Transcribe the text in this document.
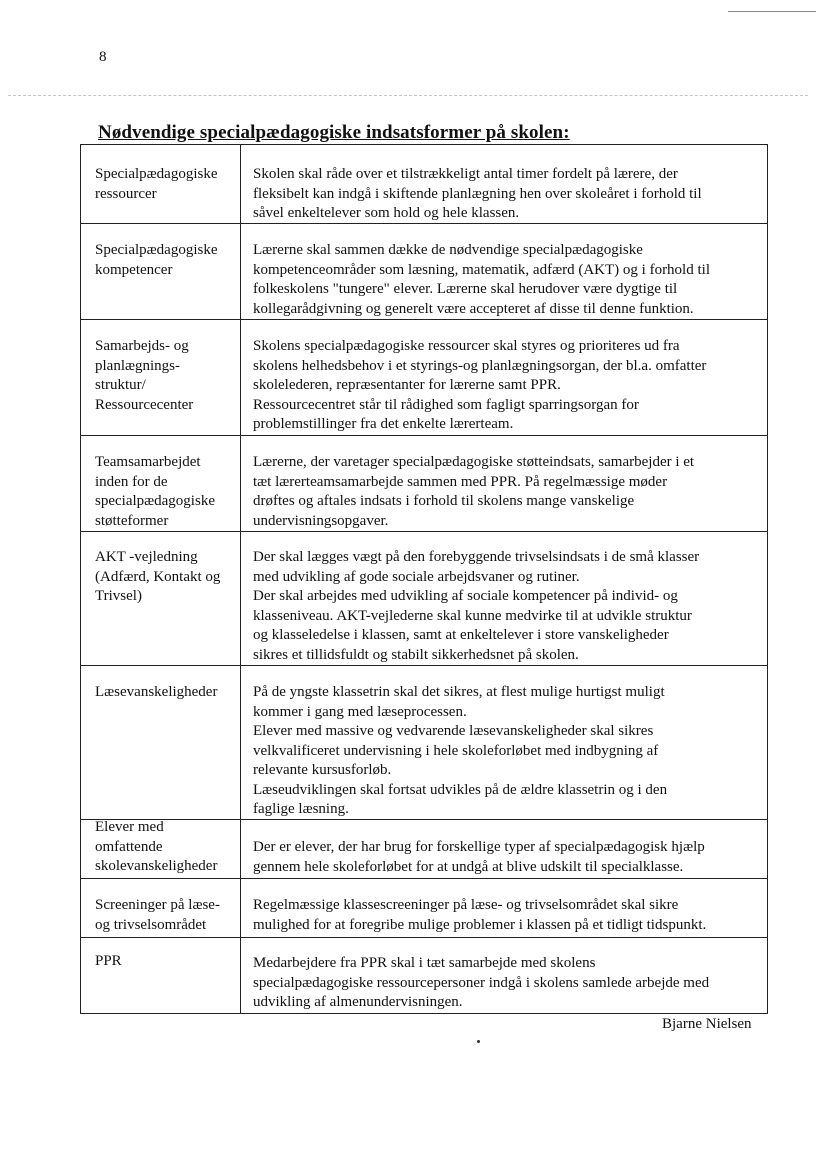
8
Nødvendige specialpædagogiske indsatsformer på skolen:
Specialpædagogiske
ressourcer
Skolen skal råde over et tilstrækkeligt antal timer fordelt på lærere, der
fleksibelt kan indgå i skiftende planlægning hen over skoleåret i forhold til
såvel enkeltelever som hold og hele klassen.
Specialpædagogiske
kompetencer
Lærerne skal sammen dække de nødvendige specialpædagogiske
kompetenceområder som læsning, matematik, adfærd (AKT) og i forhold til
folkeskolens "tungere" elever. Lærerne skal herudover være dygtige til
kollegarådgivning og generelt være accepteret af disse til denne funktion.
Samarbejds- og
planlægnings-
struktur/
Ressourcecenter
Skolens specialpædagogiske ressourcer skal styres og prioriteres ud fra
skolens helhedsbehov i et styrings-og planlægningsorgan, der bl.a. omfatter
skolelederen, repræsentanter for lærerne samt PPR.
Ressourcecentret står til rådighed som fagligt sparringsorgan for
problemstillinger fra det enkelte lærerteam.
Teamsamarbejdet
inden for de
specialpædagogiske
støtteformer
Lærerne, der varetager specialpædagogiske støtteindsats, samarbejder i et
tæt lærerteamsamarbejde sammen med PPR. På regelmæssige møder
drøftes og aftales indsats i forhold til skolens mange vanskelige
undervisningsopgaver.
AKT -vejledning
(Adfærd, Kontakt og
Trivsel)
Der skal lægges vægt på den forebyggende trivselsindsats i de små klasser
med udvikling af gode sociale arbejdsvaner og rutiner.
Der skal arbejdes med udvikling af sociale kompetencer på individ- og
klasseniveau. AKT-vejlederne skal kunne medvirke til at udvikle struktur
og klasseledelse i klassen, samt at enkeltelever i store vanskeligheder
sikres et tillidsfuldt og stabilt sikkerhedsnet på skolen.
Læsevanskeligheder	På de yngste klassetrin skal det sikres, at flest mulige hurtigst muligt
kommer i gang med læseprocessen.
Elever med massive og vedvarende læsevanskeligheder skal sikres
velkvalificeret undervisning i hele skoleforløbet med indbygning af
relevante kursusforløb.
Læseudviklingen skal fortsat udvikles på de ældre klassetrin og i den
faglige læsning.
Elever med
omfattende
skolevanskeligheder
Der er elever, der har brug for forskellige typer af specialpædagogisk hjælp
gennem hele skoleforløbet for at undgå at blive udskilt til specialklasse.
Screeninger på læse-
og trivselsområdet
Regelmæssige klassescreeninger på læse- og trivselsområdet skal sikre
mulighed for at foregribe mulige problemer i klassen på et tidligt tidspunkt.
PPR	Medarbejdere fra PPR skal i tæt samarbejde med skolens
specialpædagogiske ressourcepersoner indgå i skolens samlede arbejde med
udvikling af almenundervisningen.
Bjarne Nielsen
